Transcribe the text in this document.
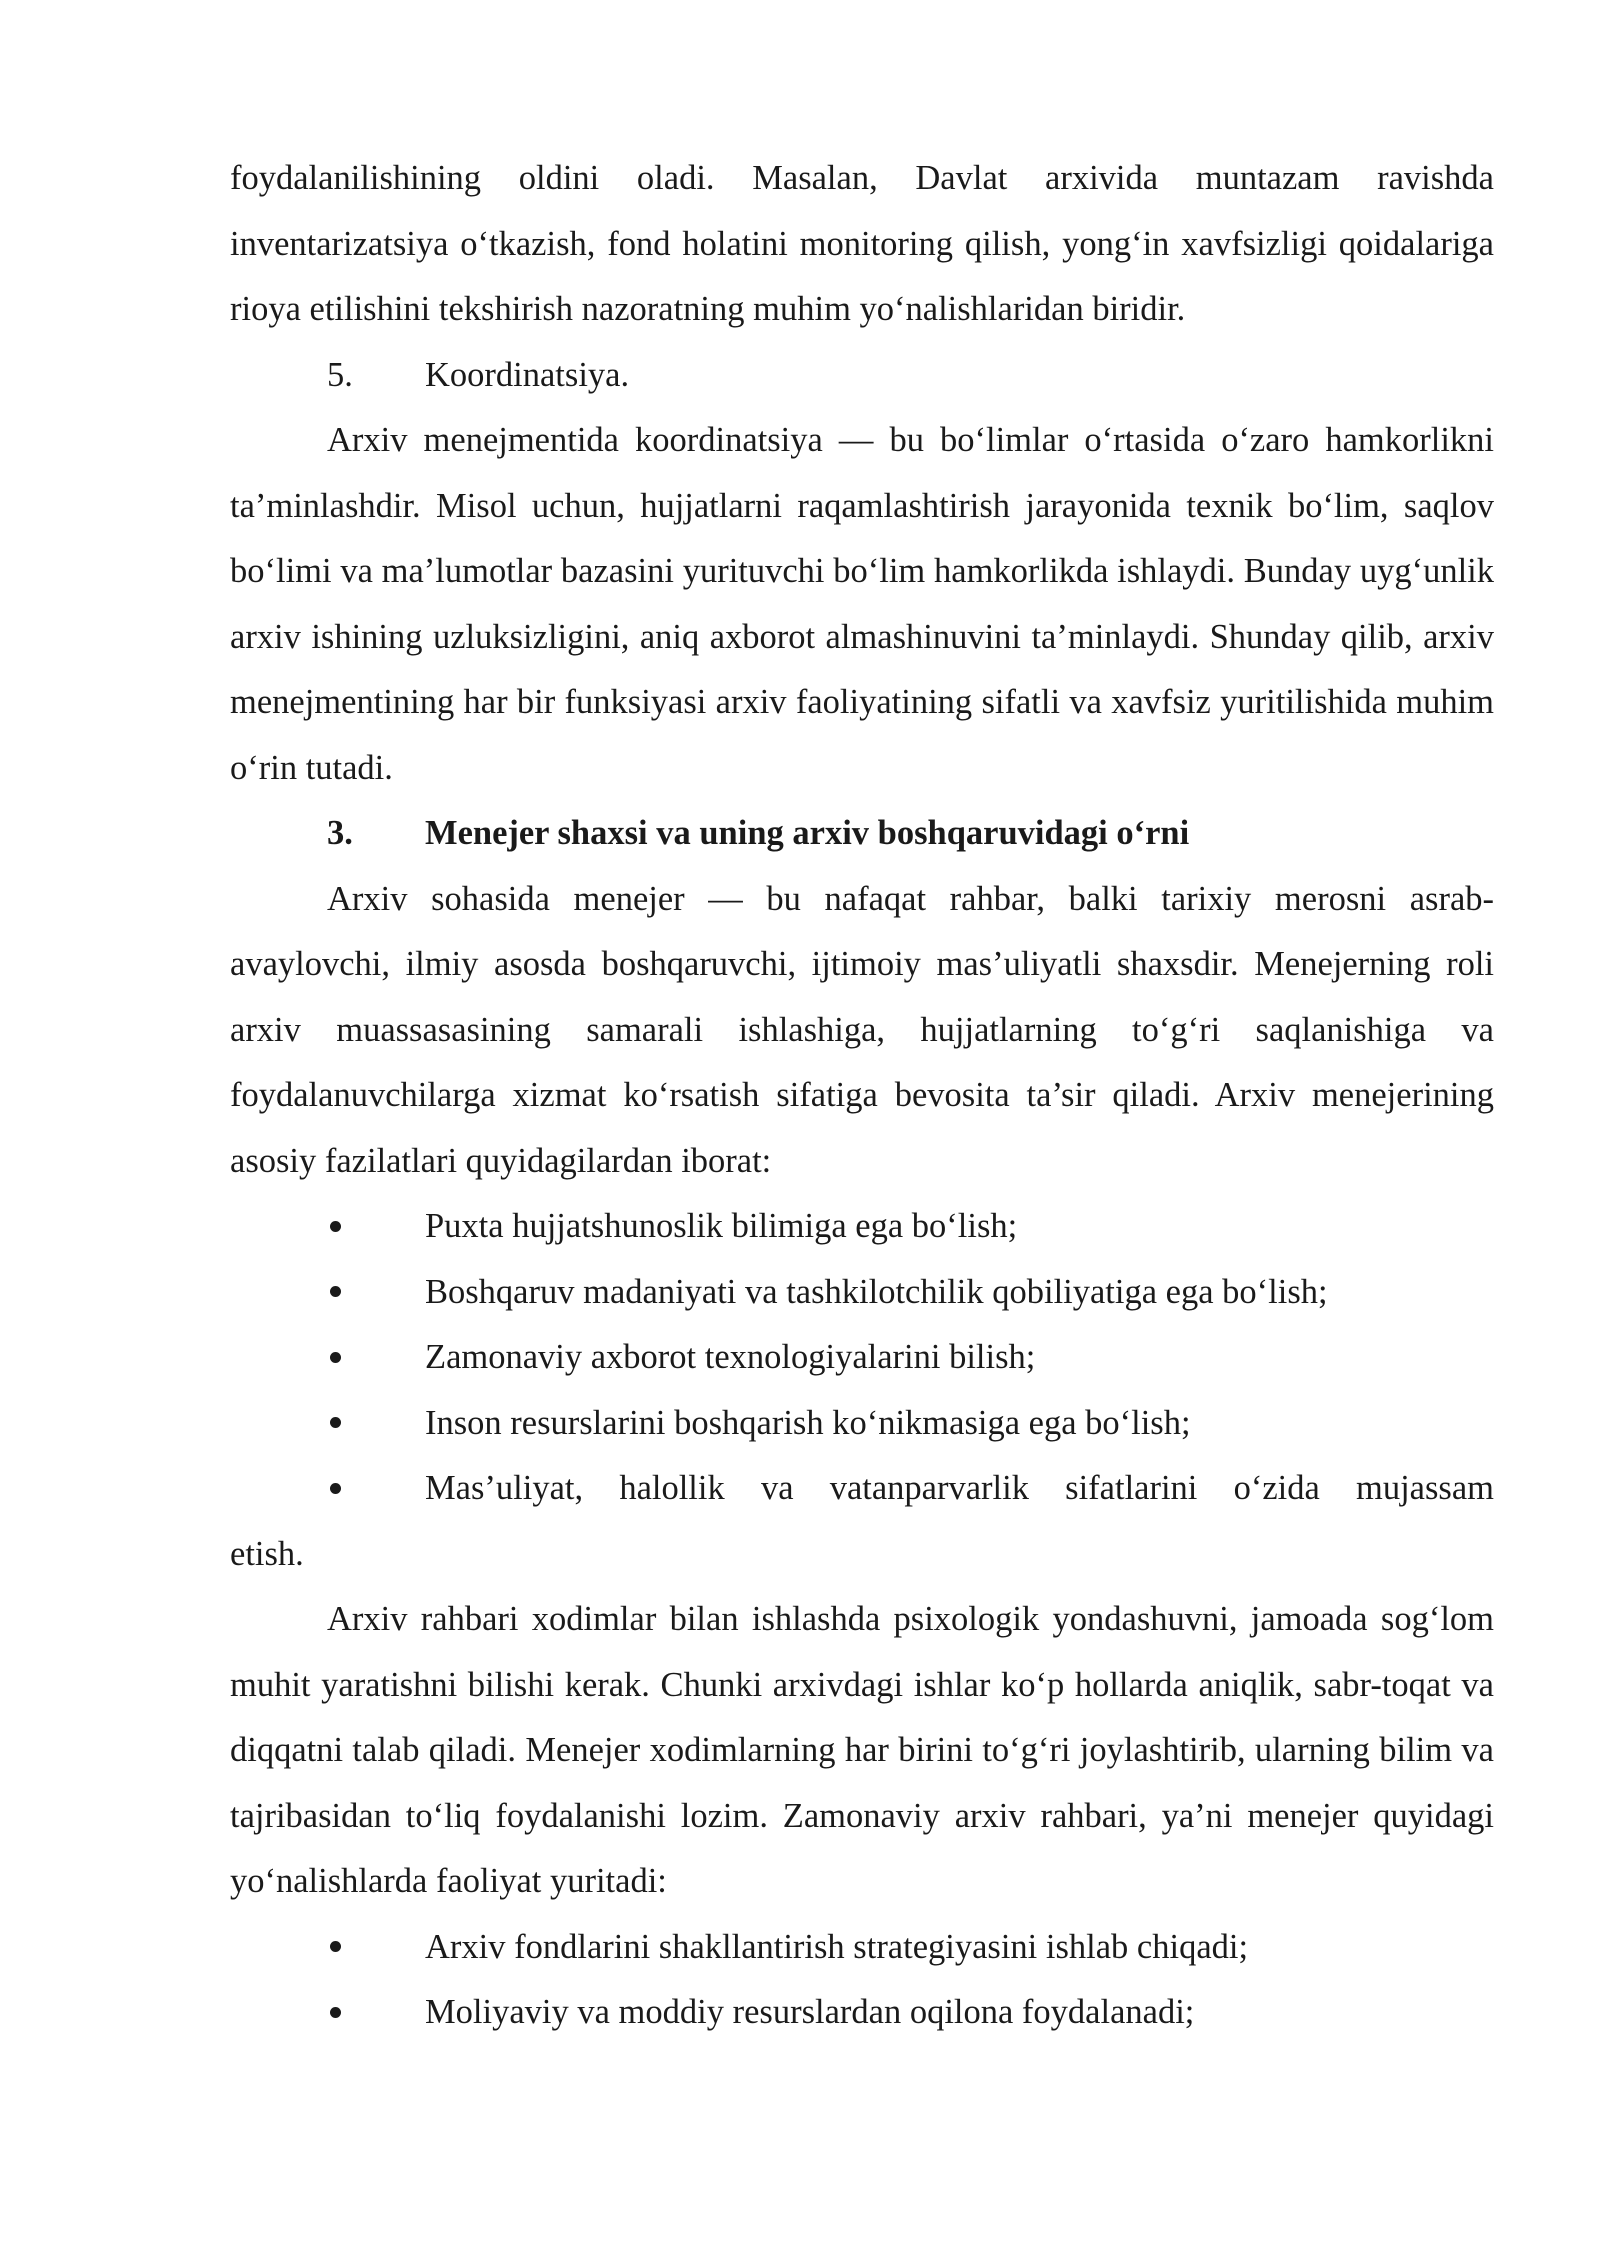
foydalanilishining oldini oladi. Masalan, Davlat arxivida muntazam ravishda inventarizatsiya o‘tkazish, fond holatini monitoring qilish, yong‘in xavfsizligi qoidalariga rioya etilishini tekshirish nazoratning muhim yo‘nalishlaridan biridir.

5. Koordinatsiya.

Arxiv menejmentida koordinatsiya — bu bo‘limlar o‘rtasida o‘zaro hamkorlikni ta’minlashdir. Misol uchun, hujjatlarni raqamlashtirish jarayonida texnik bo‘lim, saqlov bo‘limi va ma’lumotlar bazasini yurituvchi bo‘lim hamkorlikda ishlaydi. Bunday uyg‘unlik arxiv ishining uzluksizligini, aniq axborot almashinuvini ta’minlaydi. Shunday qilib, arxiv menejmentining har bir funksiyasi arxiv faoliyatining sifatli va xavfsiz yuritilishida muhim o‘rin tutadi.

3. Menejer shaxsi va uning arxiv boshqaruvidagi o‘rni

Arxiv sohasida menejer — bu nafaqat rahbar, balki tarixiy merosni asrab-avaylovchi, ilmiy asosda boshqaruvchi, ijtimoiy mas’uliyatli shaxsdir. Menejerning roli arxiv muassasasining samarali ishlashiga, hujjatlarning to‘g‘ri saqlanishiga va foydalanuvchilarga xizmat ko‘rsatish sifatiga bevosita ta’sir qiladi. Arxiv menejerining asosiy fazilatlari quyidagilardan iborat:

Puxta hujjatshunoslik bilimiga ega bo‘lish;
Boshqaruv madaniyati va tashkilotchilik qobiliyatiga ega bo‘lish;
Zamonaviy axborot texnologiyalarini bilish;
Inson resurslarini boshqarish ko‘nikmasiga ega bo‘lish;
Mas’uliyat, halollik va vatanparvarlik sifatlarini o‘zida mujassam

etish.

Arxiv rahbari xodimlar bilan ishlashda psixologik yondashuvni, jamoada sog‘lom muhit yaratishni bilishi kerak. Chunki arxivdagi ishlar ko‘p hollarda aniqlik, sabr-toqat va diqqatni talab qiladi. Menejer xodimlarning har birini to‘g‘ri joylashtirib, ularning bilim va tajribasidan to‘liq foydalanishi lozim. Zamonaviy arxiv rahbari, ya’ni menejer quyidagi yo‘nalishlarda faoliyat yuritadi:

Arxiv fondlarini shakllantirish strategiyasini ishlab chiqadi;
Moliyaviy va moddiy resurslardan oqilona foydalanadi;
